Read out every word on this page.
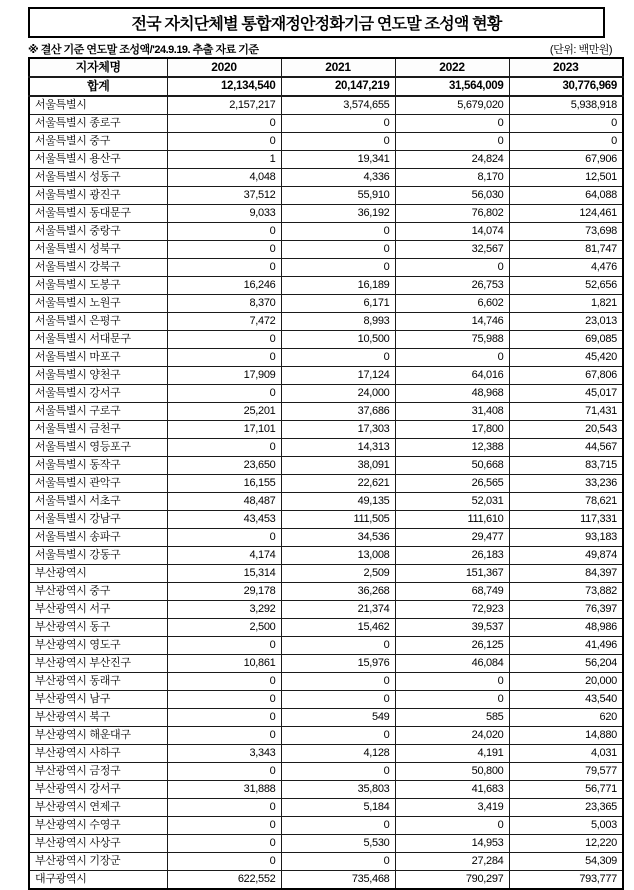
전국 자치단체별 통합재정안정화기금 연도말 조성액 현황
※ 결산 기준 연도말 조성액/'24.9.19. 추출 자료 기준	(단위: 백만원)
지자체명	2020	2021	2022	2023
합계	12,134,540	20,147,219	31,564,009	30,776,969
서울특별시	2,157,217	3,574,655	5,679,020	5,938,918
서울특별시 종로구	0	0	0	0
서울특별시 중구	0	0	0	0
서울특별시 용산구	1	19,341	24,824	67,906
서울특별시 성동구	4,048	4,336	8,170	12,501
서울특별시 광진구	37,512	55,910	56,030	64,088
서울특별시 동대문구	9,033	36,192	76,802	124,461
서울특별시 중랑구	0	0	14,074	73,698
서울특별시 성북구	0	0	32,567	81,747
서울특별시 강북구	0	0	0	4,476
서울특별시 도봉구	16,246	16,189	26,753	52,656
서울특별시 노원구	8,370	6,171	6,602	1,821
서울특별시 은평구	7,472	8,993	14,746	23,013
서울특별시 서대문구	0	10,500	75,988	69,085
서울특별시 마포구	0	0	0	45,420
서울특별시 양천구	17,909	17,124	64,016	67,806
서울특별시 강서구	0	24,000	48,968	45,017
서울특별시 구로구	25,201	37,686	31,408	71,431
서울특별시 금천구	17,101	17,303	17,800	20,543
서울특별시 영등포구	0	14,313	12,388	44,567
서울특별시 동작구	23,650	38,091	50,668	83,715
서울특별시 관악구	16,155	22,621	26,565	33,236
서울특별시 서초구	48,487	49,135	52,031	78,621
서울특별시 강남구	43,453	111,505	111,610	117,331
서울특별시 송파구	0	34,536	29,477	93,183
서울특별시 강동구	4,174	13,008	26,183	49,874
부산광역시	15,314	2,509	151,367	84,397
부산광역시 중구	29,178	36,268	68,749	73,882
부산광역시 서구	3,292	21,374	72,923	76,397
부산광역시 동구	2,500	15,462	39,537	48,986
부산광역시 영도구	0	0	26,125	41,496
부산광역시 부산진구	10,861	15,976	46,084	56,204
부산광역시 동래구	0	0	0	20,000
부산광역시 남구	0	0	0	43,540
부산광역시 북구	0	549	585	620
부산광역시 해운대구	0	0	24,020	14,880
부산광역시 사하구	3,343	4,128	4,191	4,031
부산광역시 금정구	0	0	50,800	79,577
부산광역시 강서구	31,888	35,803	41,683	56,771
부산광역시 연제구	0	5,184	3,419	23,365
부산광역시 수영구	0	0	0	5,003
부산광역시 사상구	0	5,530	14,953	12,220
부산광역시 기장군	0	0	27,284	54,309
대구광역시	622,552	735,468	790,297	793,777
